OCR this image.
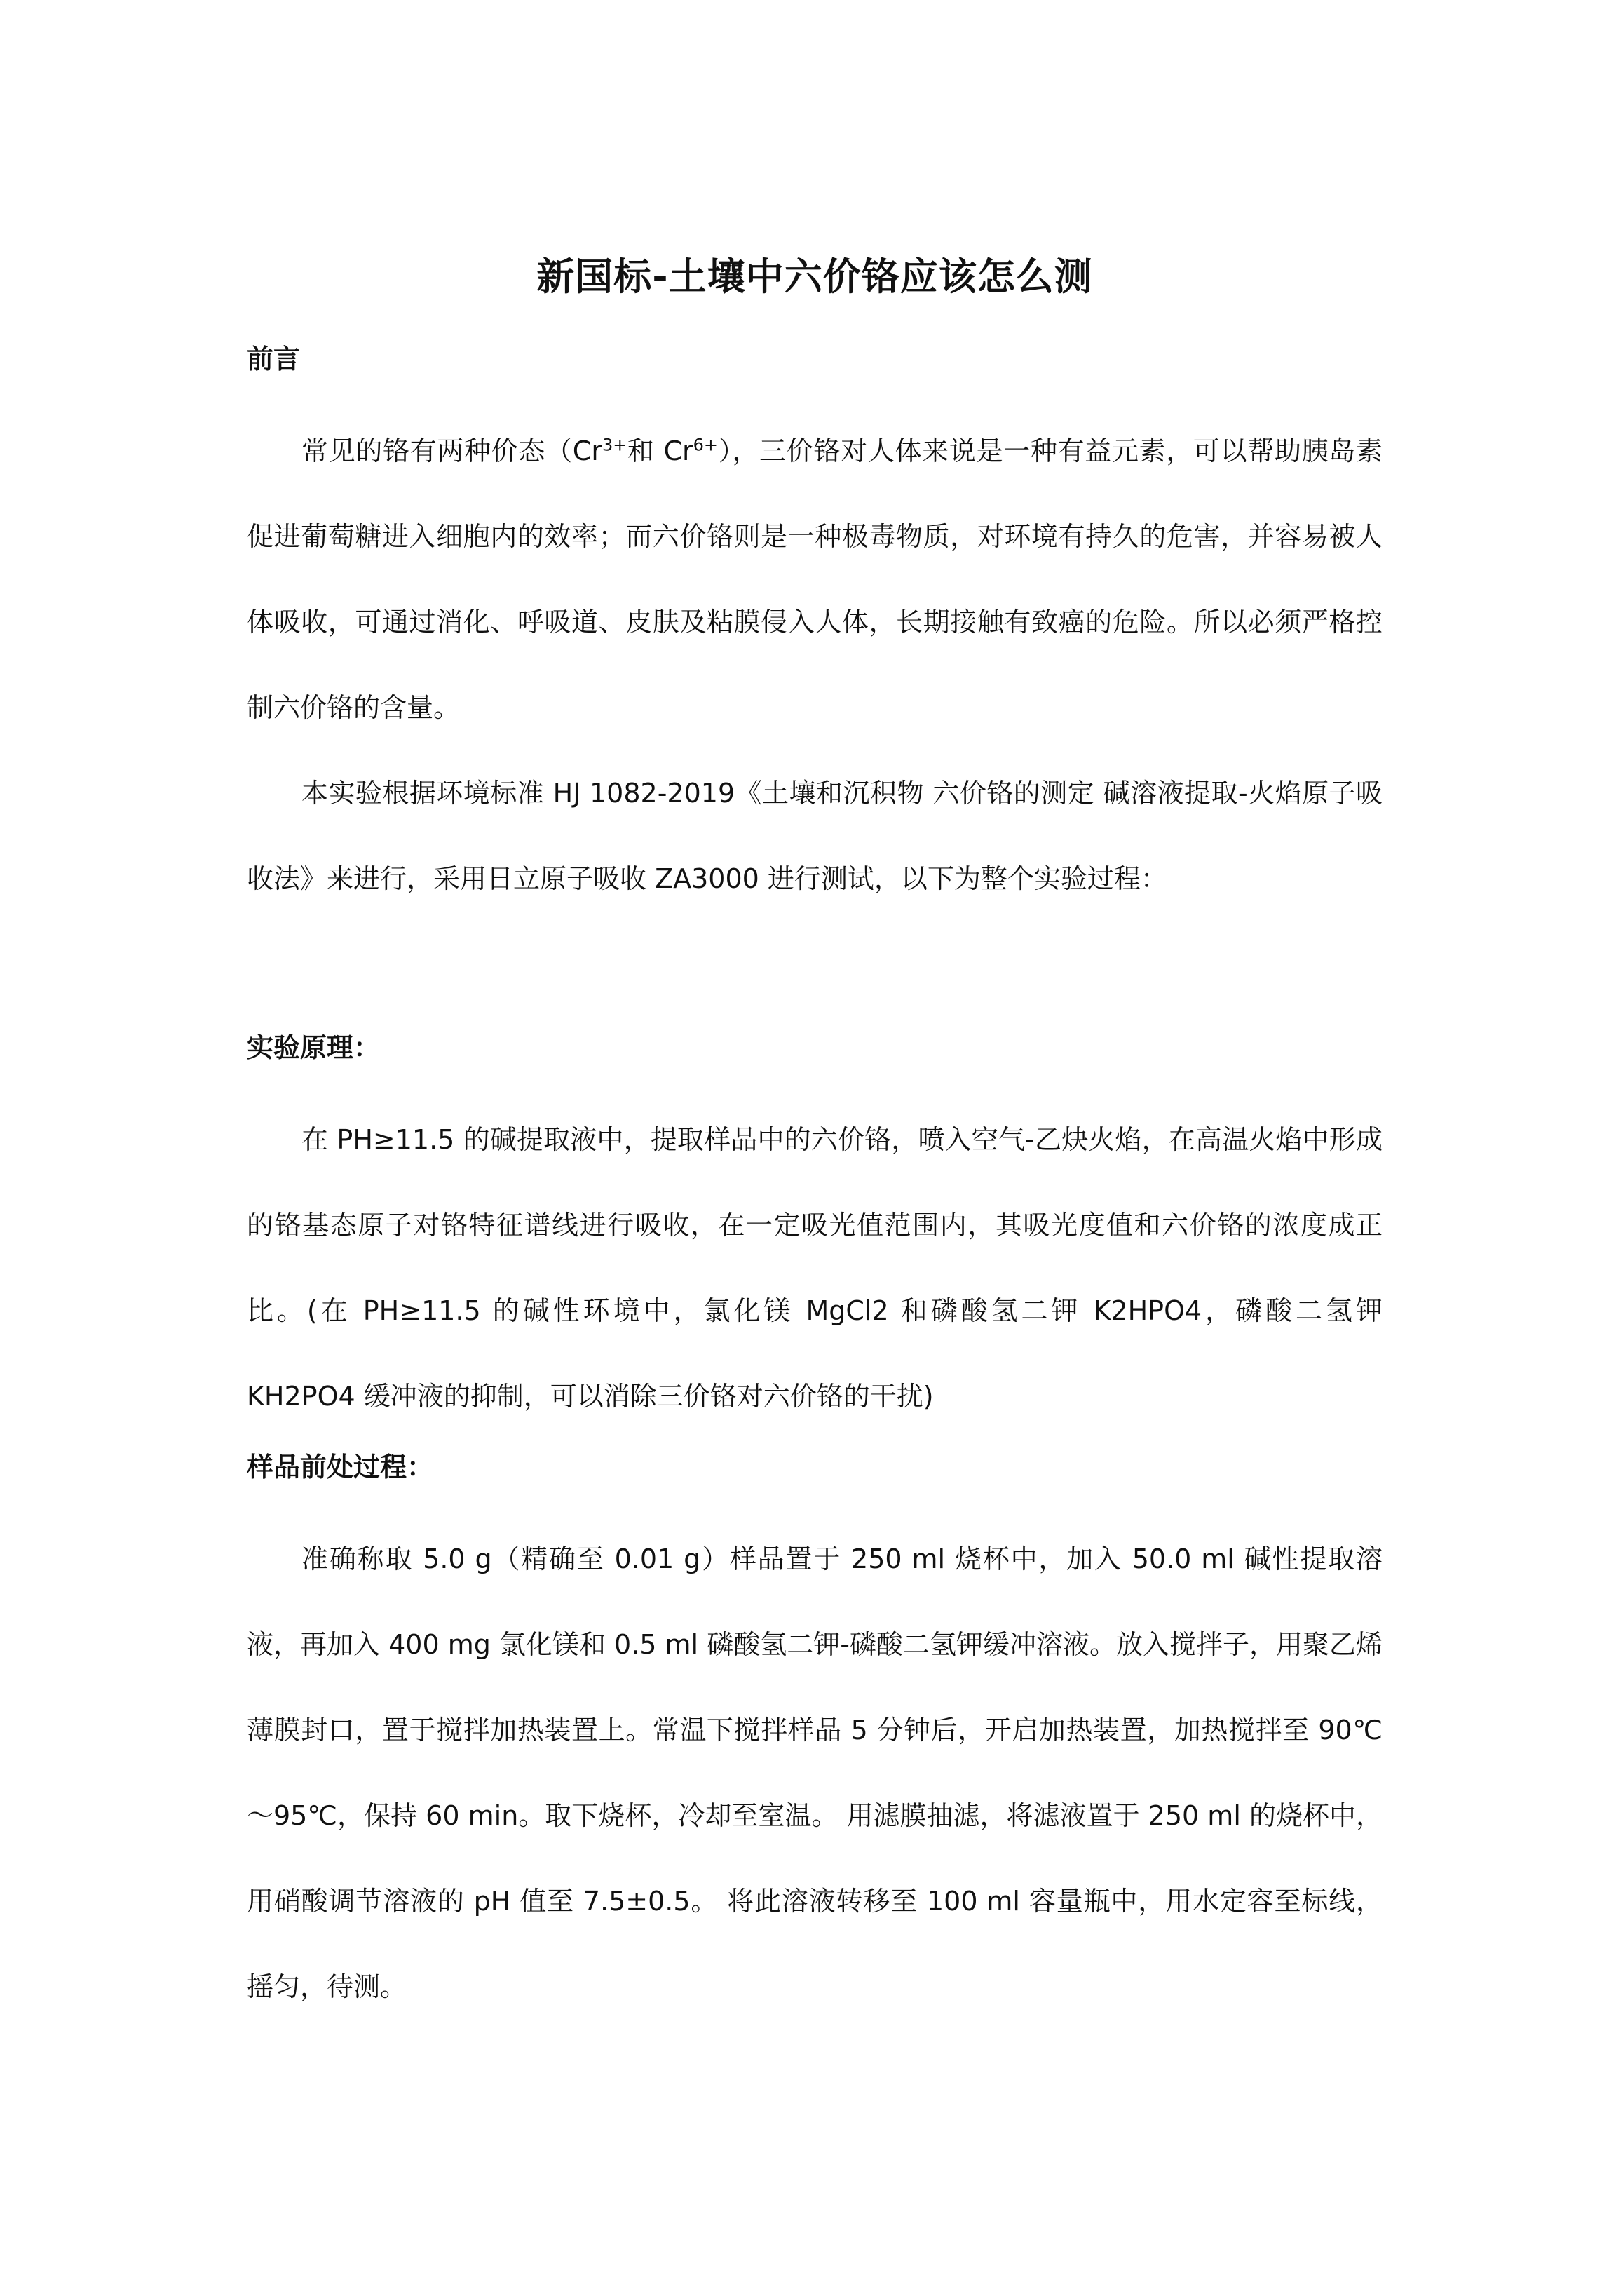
新国标-土壤中六价铬应该怎么测
前言

常见的铬有两种价态（$Cr^{3+}$和 $Cr^{6+}$），三价铬对人体来说是一种有益元素，可以帮助胰岛素促进葡萄糖进入细胞内的效率；而六价铬则是一种极毒物质，对环境有持久的危害，并容易被人体吸收，可通过消化、呼吸道、皮肤及粘膜侵入人体，长期接触有致癌的危险。所以必须严格控制六价铬的含量。

本实验根据环境标准 HJ 1082-2019《土壤和沉积物 六价铬的测定 碱溶液提取-火焰原子吸收法》来进行，采用日立原子吸收 ZA3000 进行测试，以下为整个实验过程：

实验原理：

在 PH≥11.5 的碱提取液中，提取样品中的六价铬，喷入空气-乙炔火焰，在高温火焰中形成的铬基态原子对铬特征谱线进行吸收，在一定吸光值范围内，其吸光度值和六价铬的浓度成正比。(在 PH≥11.5 的碱性环境中，氯化镁 MgCl2 和磷酸氢二钾 K2HPO4，磷酸二氢钾 KH2PO4 缓冲液的抑制，可以消除三价铬对六价铬的干扰)

样品前处过程：

准确称取 5.0 g（精确至 0.01 g）样品置于 250 ml 烧杯中，加入 50.0 ml 碱性提取溶液，再加入 400 mg 氯化镁和 0.5 ml 磷酸氢二钾-磷酸二氢钾缓冲溶液。放入搅拌子，用聚乙烯薄膜封口，置于搅拌加热装置上。常温下搅拌样品 5 分钟后，开启加热装置，加热搅拌至 90℃～95℃，保持 60 min。取下烧杯，冷却至室温。 用滤膜抽滤，将滤液置于 250 ml 的烧杯中，用硝酸调节溶液的 pH 值至 7.5±0.5。 将此溶液转移至 100 ml 容量瓶中，用水定容至标线，摇匀，待测。
